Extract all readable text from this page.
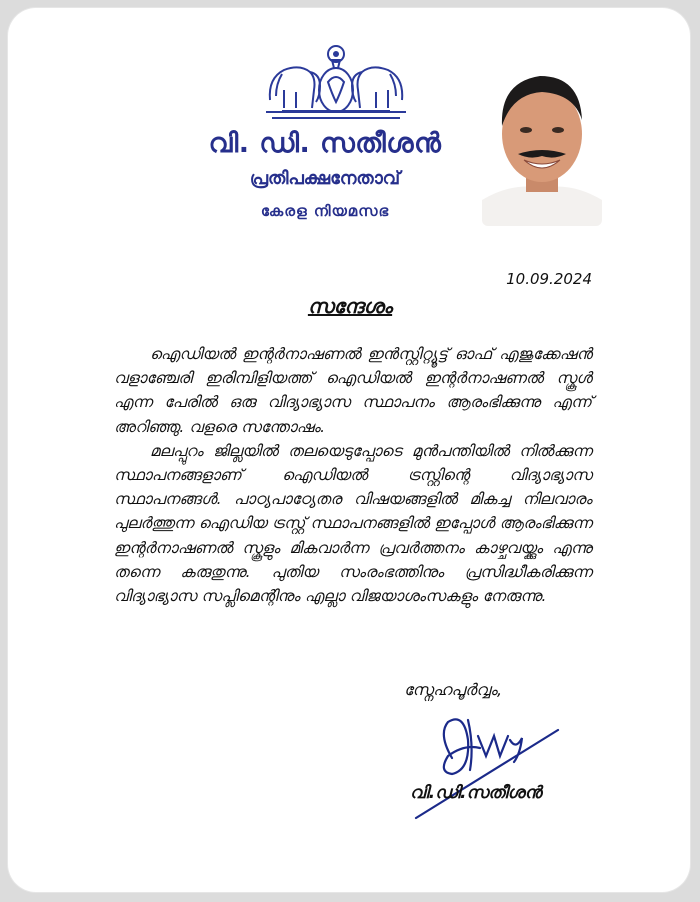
വി. ഡി. സതീശൻ
പ്രതിപക്ഷനേതാവ്
കേരള നിയമസഭ
10.09.2024
സന്ദേശം

ഐഡിയൽ ഇന്റർനാഷണൽ ഇൻസ്റ്റിറ്റ്യൂട്ട് ഓഫ് എജുക്കേഷൻ വളാഞ്ചേരി ഇരിമ്പിളിയത്ത് ഐഡിയൽ ഇന്റർനാഷണൽ സ്കൂൾ എന്ന പേരിൽ ഒരു വിദ്യാഭ്യാസ സ്ഥാപനം ആരംഭിക്കുന്നു എന്ന് അറിഞ്ഞു. വളരെ സന്തോഷം.

മലപ്പുറം ജില്ലയിൽ തലയെടുപ്പോടെ മുൻപന്തിയിൽ നിൽക്കുന്ന സ്ഥാപനങ്ങളാണ് ഐഡിയൽ ട്രസ്റ്റിന്റെ വിദ്യാഭ്യാസ സ്ഥാപനങ്ങൾ. പാഠ്യപാഠ്യേതര വിഷയങ്ങളിൽ മികച്ച നിലവാരം പുലർത്തുന്ന ഐഡിയ ട്രസ്റ്റ് സ്ഥാപനങ്ങളിൽ ഇപ്പോൾ ആരംഭിക്കുന്ന ഇന്റർനാഷണൽ സ്കൂളും മികവാർന്ന പ്രവർത്തനം കാഴ്ചവയ്ക്കും എന്നു തന്നെ കരുതുന്നു. പുതിയ സംരംഭത്തിനും പ്രസിദ്ധീകരിക്കുന്ന വിദ്യാഭ്യാസ സപ്ലിമെന്റിനും എല്ലാ വിജയാശംസകളും നേരുന്നു.

സ്നേഹപൂർവ്വം,
വി.ഡി.സതീശൻ
